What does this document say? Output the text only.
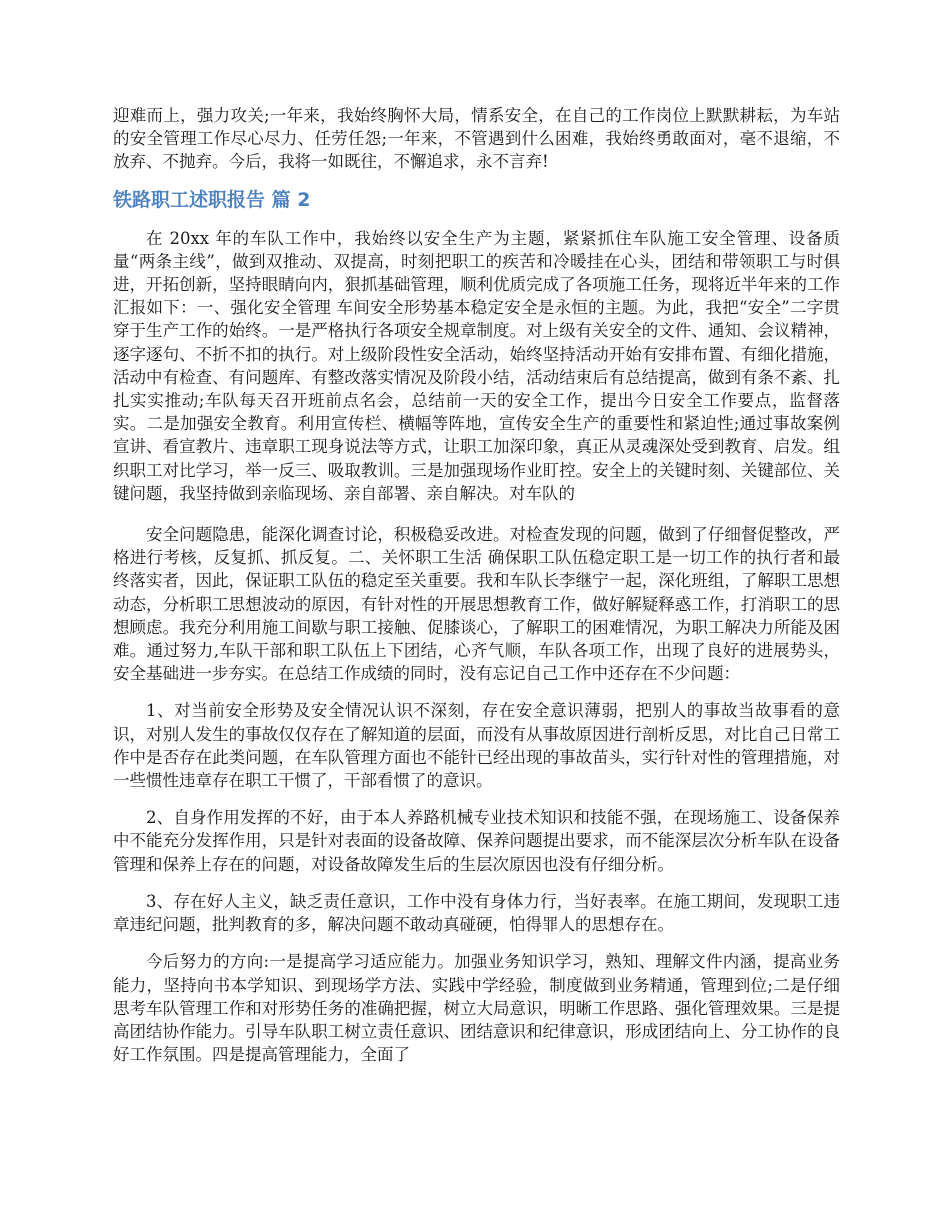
迎难而上，强力攻关;一年来，我始终胸怀大局，情系安全，在自己的工作岗位上默默耕耘，为车站的安全管理工作尽心尽力、任劳任怨;一年来，不管遇到什么困难，我始终勇敢面对，毫不退缩，不放弃、不抛弃。今后，我将一如既往，不懈追求，永不言弃!

铁路职工述职报告 篇 2

在 20xx 年的车队工作中，我始终以安全生产为主题，紧紧抓住车队施工安全管理、设备质量“两条主线”，做到双推动、双提高，时刻把职工的疾苦和冷暖挂在心头，团结和带领职工与时俱进，开拓创新，坚持眼睛向内，狠抓基础管理，顺利优质完成了各项施工任务，现将近半年来的工作汇报如下：一、强化安全管理 车间安全形势基本稳定安全是永恒的主题。为此，我把“安全”二字贯穿于生产工作的始终。一是严格执行各项安全规章制度。对上级有关安全的文件、通知、会议精神，逐字逐句、不折不扣的执行。对上级阶段性安全活动，始终坚持活动开始有安排布置、有细化措施，活动中有检查、有问题库、有整改落实情况及阶段小结，活动结束后有总结提高，做到有条不紊、扎扎实实推动;车队每天召开班前点名会，总结前一天的安全工作，提出今日安全工作要点，监督落实。二是加强安全教育。利用宣传栏、横幅等阵地，宣传安全生产的重要性和紧迫性;通过事故案例宣讲、看宣教片、违章职工现身说法等方式，让职工加深印象，真正从灵魂深处受到教育、启发。组织职工对比学习，举一反三、吸取教训。三是加强现场作业盯控。安全上的关键时刻、关键部位、关键问题，我坚持做到亲临现场、亲自部署、亲自解决。对车队的

安全问题隐患，能深化调查讨论，积极稳妥改进。对检查发现的问题，做到了仔细督促整改，严格进行考核，反复抓、抓反复。二、关怀职工生活 确保职工队伍稳定职工是一切工作的执行者和最终落实者，因此，保证职工队伍的稳定至关重要。我和车队长李继宁一起，深化班组，了解职工思想动态，分析职工思想波动的原因，有针对性的开展思想教育工作，做好解疑释惑工作，打消职工的思想顾虑。我充分利用施工间歇与职工接触、促膝谈心，了解职工的困难情况，为职工解决力所能及困难。通过努力,车队干部和职工队伍上下团结，心齐气顺，车队各项工作，出现了良好的进展势头，安全基础进一步夯实。在总结工作成绩的同时，没有忘记自己工作中还存在不少问题：

1、对当前安全形势及安全情况认识不深刻，存在安全意识薄弱，把别人的事故当故事看的意识，对别人发生的事故仅仅存在了解知道的层面，而没有从事故原因进行剖析反思，对比自己日常工作中是否存在此类问题，在车队管理方面也不能针已经出现的事故苗头，实行针对性的管理措施，对一些惯性违章存在职工干惯了，干部看惯了的意识。

2、自身作用发挥的不好，由于本人养路机械专业技术知识和技能不强，在现场施工、设备保养中不能充分发挥作用，只是针对表面的设备故障、保养问题提出要求，而不能深层次分析车队在设备管理和保养上存在的问题，对设备故障发生后的生层次原因也没有仔细分析。

3、存在好人主义，缺乏责任意识，工作中没有身体力行，当好表率。在施工期间，发现职工违章违纪问题，批判教育的多，解决问题不敢动真碰硬，怕得罪人的思想存在。

今后努力的方向:一是提高学习适应能力。加强业务知识学习，熟知、理解文件内涵，提高业务能力，坚持向书本学知识、到现场学方法、实践中学经验，制度做到业务精通，管理到位;二是仔细思考车队管理工作和对形势任务的准确把握，树立大局意识，明晰工作思路、强化管理效果。三是提高团结协作能力。引导车队职工树立责任意识、团结意识和纪律意识，形成团结向上、分工协作的良好工作氛围。四是提高管理能力，全面了
